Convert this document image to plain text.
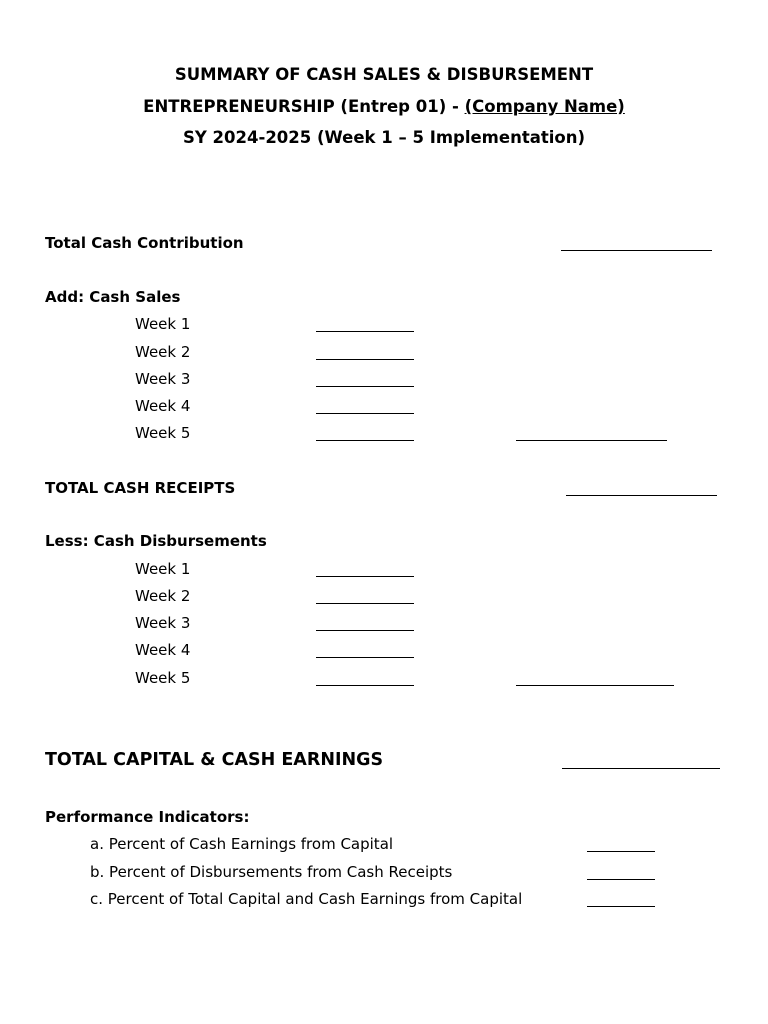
SUMMARY OF CASH SALES & DISBURSEMENT
ENTREPRENEURSHIP (Entrep 01) - (Company Name)
SY 2024-2025 (Week 1 – 5 Implementation)
Total Cash Contribution
Add: Cash Sales
Week 1
Week 2
Week 3
Week 4
Week 5
TOTAL CASH RECEIPTS
Less: Cash Disbursements
Week 1
Week 2
Week 3
Week 4
Week 5
TOTAL CAPITAL & CASH EARNINGS
Performance Indicators:
a. Percent of Cash Earnings from Capital
b. Percent of Disbursements from Cash Receipts
c. Percent of Total Capital and Cash Earnings from Capital
